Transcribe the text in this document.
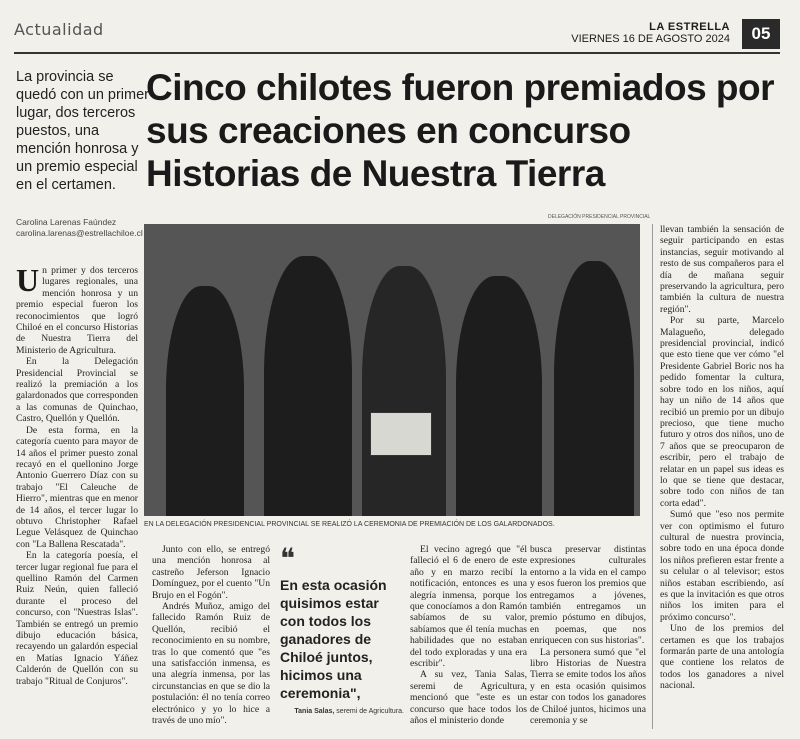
Actualidad	LA ESTRELLA
VIERNES 16 DE AGOSTO 2024	05
La provincia se quedó con un primer lugar, dos terceros puestos, una mención honrosa y un premio especial en el certamen.
Cinco chilotes fueron premiados por sus creaciones en concurso Historias de Nuestra Tierra
Carolina Larenas Faúndez
carolina.larenas@estrellachiloe.cl
DELEGACIÓN PRESIDENCIAL PROVINCIAL
EN LA DELEGACIÓN PRESIDENCIAL PROVINCIAL SE REALIZÓ LA CEREMONIA DE PREMIACIÓN DE LOS GALARDONADOS.

Un primer y dos terceros lugares regionales, una mención honrosa y un premio especial fueron los reconocimientos que logró Chiloé en el concurso Historias de Nuestra Tierra del Ministerio de Agricultura.

En la Delegación Presidencial Provincial se realizó la premiación a los galardonados que corresponden a las comunas de Quinchao, Castro, Quellón y Quellón.

De esta forma, en la categoría cuento para mayor de 14 años el primer puesto zonal recayó en el quellonino Jorge Antonio Guerrero Díaz con su trabajo "El Caleuche de Hierro", mientras que en menor de 14 años, el tercer lugar lo obtuvo Christopher Rafael Legue Velásquez de Quinchao con "La Ballena Rescatada".

En la categoría poesía, el tercer lugar regional fue para el quellino Ramón del Carmen Ruiz Neún, quien falleció durante el proceso del concurso, con "Nuestras Islas". También se entregó un premio dibujo educación básica, recayendo un galardón especial en Matías Ignacio Yáñez Calderón de Quellón con su trabajo "Ritual de Conjuros".

Junto con ello, se entregó una mención honrosa al castreño Jeferson Ignacio Domínguez, por el cuento "Un Brujo en el Fogón".

Andrés Muñoz, amigo del fallecido Ramón Ruiz de Quellón, recibió el reconocimiento en su nombre, tras lo que comentó que "es una satisfacción inmensa, es una alegría inmensa, por las circunstancias en que se dio la postulación: él no tenía correo electrónico y yo lo hice a través de uno mío".

❝
En esta ocasión quisimos estar con todos los ganadores de Chiloé juntos, hicimos una ceremonia",
Tania Salas, seremi de Agricultura.

El vecino agregó que "él falleció el 6 de enero de este año y en marzo recibí la notificación, entonces es una alegría inmensa, porque los que conocíamos a don Ramón sabíamos de su valor, sabíamos que él tenía muchas habilidades que no estaban del todo exploradas y una era escribir".

A su vez, Tania Salas, seremi de Agricultura, mencionó que "este es un concurso que hace todos los años el ministerio donde

busca preservar distintas expresiones culturales entorno a la vida en el campo y esos fueron los premios que entregamos a jóvenes, también entregamos un premio póstumo en dibujos, en poemas, que nos enriquecen con sus historias".

La personera sumó que "el libro Historias de Nuestra Tierra se emite todos los años y en esta ocasión quisimos estar con todos los ganadores de Chiloé juntos, hicimos una ceremonia y se

llevan también la sensación de seguir participando en estas instancias, seguir motivando al resto de sus compañeros para el día de mañana seguir preservando la agricultura, pero también la cultura de nuestra región".

Por su parte, Marcelo Malagueño, delegado presidencial provincial, indicó que esto tiene que ver cómo "el Presidente Gabriel Boric nos ha pedido fomentar la cultura, sobre todo en los niños, aquí hay un niño de 14 años que recibió un premio por un dibujo precioso, que tiene mucho futuro y otros dos niños, uno de 7 años que se preocuparon de escribir, pero el trabajo de relatar en un papel sus ideas es lo que se tiene que destacar, sobre todo con niños de tan corta edad".

Sumó que "eso nos permite ver con optimismo el futuro cultural de nuestra provincia, sobre todo en una época donde los niños prefieren estar frente a su celular o al televisor; estos niños estaban escribiendo, así es que la invitación es que otros niños los imiten para el próximo concurso".

Uno de los premios del certamen es que los trabajos formarán parte de una antología que contiene los relatos de todos los ganadores a nivel nacional.
